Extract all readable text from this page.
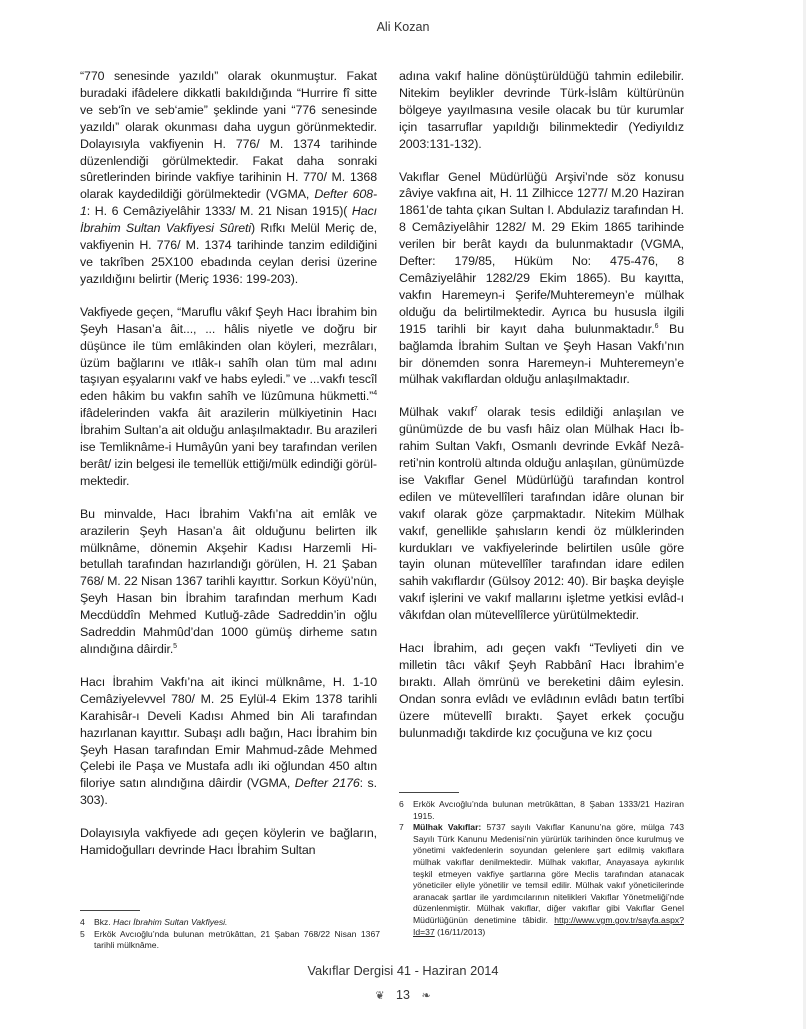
Ali Kozan

“770 senesinde yazıldı” olarak okunmuştur. Fakat buradaki ifâdelere dikkatli bakıldığında “Hurrire fî sitte ve seb‘în ve seb‘amie” şeklinde yani “776 senesinde yazıldı” olarak okunması daha uygun görünmektedir. Dolayısıyla vakfiyenin H. 776/ M. 1374 tarihinde düzenlendiği görülmektedir. Fakat daha sonraki sûretlerinden birinde vakfiye tarihinin H. 770/ M. 1368 olarak kaydedildiği görülmektedir (VGMA, Defter 608-1: H. 6 Cemâziyelâhir 1333/ M. 21 Nisan 1915)( Hacı İbrahim Sultan Vakfiyesi Sûreti) Rıfkı Melül Meriç de, vakfiyenin H. 776/ M. 1374 tarihinde tanzim edildiğini ve takrîben 25X100 ebadında ceylan derisi üzerine yazıldığını belirtir (Meriç 1936: 199-203).

Vakfiyede geçen, “Maruflu vâkıf Şeyh Hacı İbrahim bin Şeyh Hasan’a âit..., ... hâlis niyetle ve doğru bir düşünce ile tüm emlâkinden olan köyleri, mezrâları, üzüm bağlarını ve ıtlâk-ı sahîh olan tüm mal adını taşıyan eşyalarını vakf ve habs eyledi.” ve ...vakfı tescîl eden hâkim bu vakfın sahîh ve lüzûmuna hükmetti.”$^4$ ifâdelerinden vakfa âit arazilerin mülkiyetinin Hacı İbrahim Sultan’a ait olduğu anlaşılmaktadır. Bu arazileri ise Temliknâme-i Humâyûn yani bey tarafından verilen berât/ izin belgesi ile temellük ettiği/mülk edindiği görülmektedir.

Bu minvalde, Hacı İbrahim Vakfı’na ait emlâk ve arazilerin Şeyh Hasan’a âit olduğunu belirten ilk mülknâme, dönemin Akşehir Kadısı Harzemli Hibetullah tarafından hazırlandığı görülen, H. 21 Şaban 768/ M. 22 Nisan 1367 tarihli kayıttır. Sorkun Köyü’nün, Şeyh Hasan bin İbrahim tarafından merhum Kadı Mecdüddîn Mehmed Kutluğ-zâde Sadreddin’in oğlu Sadreddin Mahmûd’dan 1000 gümüş dirheme satın alındığına dâirdir.$^5$

Hacı İbrahim Vakfı’na ait ikinci mülknâme, H. 1-10 Cemâziyelevvel 780/ M. 25 Eylül-4 Ekim 1378 tarihli Karahisâr-ı Develi Kadısı Ahmed bin Ali tarafından hazırlanan kayıttır. Subaşı adlı bağın, Hacı İbrahim bin Şeyh Hasan tarafından Emir Mahmud-zâde Mehmed Çelebi ile Paşa ve Mustafa adlı iki oğlundan 450 altın filoriye satın alındığına dâirdir (VGMA, Defter 2176: s. 303).

Dolayısıyla vakfiyede adı geçen köylerin ve bağların, Hamidoğulları devrinde Hacı İbrahim Sultan

4	Bkz. Hacı İbrahim Sultan Vakfiyesi.
5	Erkök Avcıoğlu’nda bulunan metrûkâttan, 21 Şaban 768/22 Nisan 1367 tarihli mülknâme.

adına vakıf haline dönüştürüldüğü tahmin edilebilir. Nitekim beylikler devrinde Türk-İslâm kültürünün bölgeye yayılmasına vesile olacak bu tür kurumlar için tasarruflar yapıldığı bilinmektedir (Yediyıldız 2003:131-132).

Vakıflar Genel Müdürlüğü Arşivi’nde söz konusu zâviye vakfına ait, H. 11 Zilhicce 1277/ M.20 Haziran 1861’de tahta çıkan Sultan I. Abdulaziz tarafından H. 8 Cemâziyelâhir 1282/ M. 29 Ekim 1865 tarihinde verilen bir berât kaydı da bulunmaktadır (VGMA, Defter: 179/85, Hüküm No: 475-476, 8 Cemâziyelâhir 1282/29 Ekim 1865). Bu kayıtta, vakfın Haremeyn-i Şerife/Muhteremeyn’e mülhak olduğu da belirtilmektedir. Ayrıca bu hususla ilgili 1915 tarihli bir kayıt daha bulunmaktadır.$^6$ Bu bağlamda İbrahim Sultan ve Şeyh Hasan Vakfı’nın bir dönemden sonra Haremeyn-i Muhteremeyn’e mülhak vakıflardan olduğu anlaşılmaktadır.

Mülhak vakıf$^7$ olarak tesis edildiği anlaşılan ve günümüzde de bu vasfı hâiz olan Mülhak Hacı İbrahim Sultan Vakfı, Osmanlı devrinde Evkâf Nezâreti’nin kontrolü altında olduğu anlaşılan, günümüzde ise Vakıflar Genel Müdürlüğü tarafından kontrol edilen ve mütevellîleri tarafından idâre olunan bir vakıf olarak göze çarpmaktadır. Nitekim Mülhak vakıf, genellikle şahısların kendi öz mülklerinden kurdukları ve vakfiyelerinde belirtilen usûle göre tayin olunan mütevellîler tarafından idare edilen sahih vakıflardır (Gülsoy 2012: 40). Bir başka deyişle vakıf işlerini ve vakıf mallarını işletme yetkisi evlâd-ı vâkıfdan olan mütevellîlerce yürütülmektedir.

Hacı İbrahim, adı geçen vakfı “Tevliyeti din ve milletin tâcı vâkıf Şeyh Rabbânî Hacı İbrahim’e bıraktı. Allah ömrünü ve bereketini dâim eylesin. Ondan sonra evlâdı ve evlâdının evlâdı batın tertîbi üzere mütevellî bıraktı. Şayet erkek çocuğu bulunmadığı takdirde kız çocuğuna ve kız çocu

6	Erkök Avcıoğlu’nda bulunan metrûkâttan, 8 Şaban 1333/21 Haziran 1915.
7	Mülhak Vakıflar: 5737 sayılı Vakıflar Kanunu’na göre, mülga 743 Sayılı Türk Kanunu Medenisi’nin yürürlük tarihinden önce kurulmuş ve yönetimi vakfedenlerin soyundan gelenlere şart edilmiş vakıflara mülhak vakıflar denilmektedir. Mülhak vakıflar, Anayasaya aykırılık teşkil etmeyen vakfiye şartlarına göre Meclis tarafından atanacak yöneticiler eliyle yönetilir ve temsil edilir. Mülhak vakıf yöneticilerinde aranacak şartlar ile yardımcılarının nitelikleri Vakıflar Yönetmeliği’nde düzenlenmiştir. Mülhak vakıflar, diğer vakıflar gibi Vakıflar Genel Müdürlüğünün denetimine tâbidir. http://www.vgm.gov.tr/sayfa.aspx?Id=37 (16/11/2013)
Vakıflar Dergisi 41 - Haziran 2014
❦ 13 ❧
